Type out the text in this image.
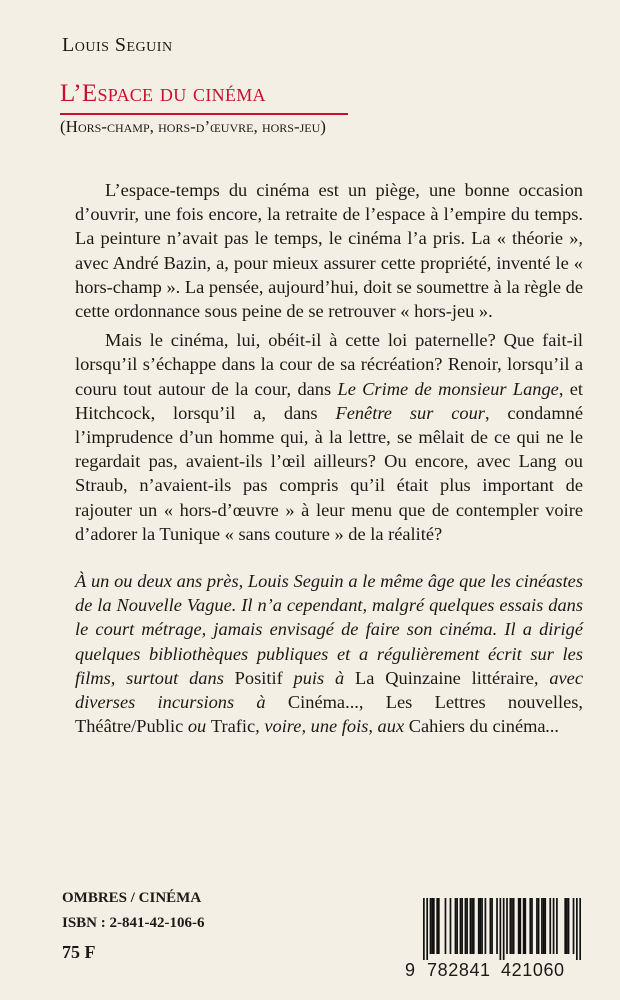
Louis Seguin
L’Espace du cinéma
(Hors-champ, hors-d’œuvre, hors-jeu)

L’espace-temps du cinéma est un piège, une bonne occasion d’ouvrir, une fois encore, la retraite de l’espace à l’empire du temps. La peinture n’avait pas le temps, le cinéma l’a pris. La « théorie », avec André Bazin, a, pour mieux assurer cette propriété, inventé le « hors-champ ». La pensée, aujourd’hui, doit se soumettre à la règle de cette ordonnance sous peine de se retrouver « hors-jeu ».

Mais le cinéma, lui, obéit-il à cette loi paternelle? Que fait-il lorsqu’il s’échappe dans la cour de sa récréation? Renoir, lorsqu’il a couru tout autour de la cour, dans Le Crime de monsieur Lange, et Hitchcock, lorsqu’il a, dans Fenêtre sur cour, condamné l’imprudence d’un homme qui, à la lettre, se mêlait de ce qui ne le regardait pas, avaient-ils l’œil ailleurs? Ou encore, avec Lang ou Straub, n’avaient-ils pas compris qu’il était plus important de rajouter un « hors-d’œuvre » à leur menu que de contempler voire d’adorer la Tunique « sans couture » de la réalité?

À un ou deux ans près, Louis Seguin a le même âge que les cinéastes de la Nouvelle Vague. Il n’a cependant, malgré quelques essais dans le court métrage, jamais envisagé de faire son cinéma. Il a dirigé quelques bibliothèques publiques et a régulièrement écrit sur les films, surtout dans Positif puis à La Quinzaine littéraire, avec diverses incursions à Cinéma..., Les Lettres nouvelles, Théâtre/Public ou Trafic, voire, une fois, aux Cahiers du cinéma...
OMBRES / CINÉMA
ISBN : 2-841-42-106-6
75 F
9 782841 421060
